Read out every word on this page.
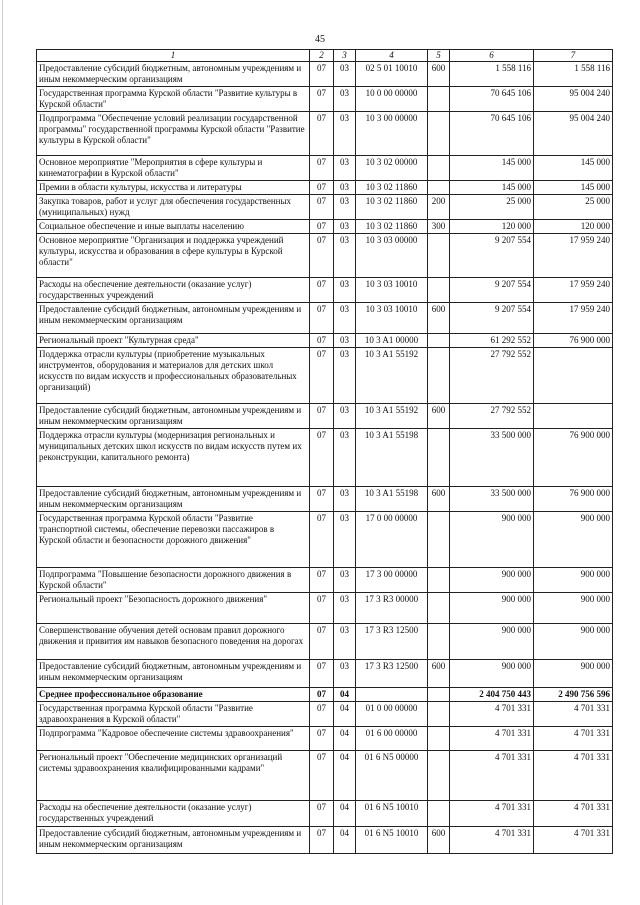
45
1	2	3	4	5	6	7
Предоставление субсидий бюджетным, автономным учреждениям и иным некоммерческим организациям	07	03	02 5 01 10010	600	1 558 116	1 558 116
Государственная программа Курской области "Развитие культуры в Курской области"	07	03	10 0 00 00000		70 645 106	95 004 240
Подпрограмма "Обеспечение условий реализации государственной программы" государственной программы Курской области "Развитие культуры в Курской области"	07	03	10 3 00 00000		70 645 106	95 004 240
Основное мероприятие "Мероприятия в сфере культуры и кинематографии в Курской области"	07	03	10 3 02 00000		145 000	145 000
Премии в области культуры, искусства и литературы	07	03	10 3 02 11860		145 000	145 000
Закупка товаров, работ и услуг для обеспечения государственных (муниципальных) нужд	07	03	10 3 02 11860	200	25 000	25 000
Социальное обеспечение и иные выплаты населению	07	03	10 3 02 11860	300	120 000	120 000
Основное мероприятие "Организация и поддержка учреждений культуры, искусства и образования в сфере культуры в Курской области"	07	03	10 3 03 00000		9 207 554	17 959 240
Расходы на обеспечение деятельности (оказание услуг) государственных учреждений	07	03	10 3 03 10010		9 207 554	17 959 240
Предоставление субсидий бюджетным, автономным учреждениям и иным некоммерческим организациям	07	03	10 3 03 10010	600	9 207 554	17 959 240
Региональный проект "Культурная среда"	07	03	10 3 A1 00000		61 292 552	76 900 000
Поддержка отрасли культуры (приобретение музыкальных инструментов, оборудования и материалов для детских школ искусств по видам искусств и профессиональных образовательных организаций)	07	03	10 3 A1 55192		27 792 552	
Предоставление субсидий бюджетным, автономным учреждениям и иным некоммерческим организациям	07	03	10 3 A1 55192	600	27 792 552	
Поддержка отрасли культуры (модернизация региональных и муниципальных детских школ искусств по видам искусств путем их реконструкции, капитального ремонта)	07	03	10 3 A1 55198		33 500 000	76 900 000
Предоставление субсидий бюджетным, автономным учреждениям и иным некоммерческим организациям	07	03	10 3 A1 55198	600	33 500 000	76 900 000
Государственная программа Курской области "Развитие транспортной системы, обеспечение перевозки пассажиров в Курской области и безопасности дорожного движения"	07	03	17 0 00 00000		900 000	900 000
Подпрограмма "Повышение безопасности дорожного движения в Курской области"	07	03	17 3 00 00000		900 000	900 000
Региональный проект "Безопасность дорожного движения"	07	03	17 3 R3 00000		900 000	900 000
Совершенствование обучения детей основам правил дорожного движения и привития им навыков безопасного поведения на дорогах	07	03	17 3 R3 12500		900 000	900 000
Предоставление субсидий бюджетным, автономным учреждениям и иным некоммерческим организациям	07	03	17 3 R3 12500	600	900 000	900 000
Среднее профессиональное образование	07	04			2 404 750 443	2 490 756 596
Государственная программа Курской области "Развитие здравоохранения в Курской области"	07	04	01 0 00 00000		4 701 331	4 701 331
Подпрограмма "Кадровое обеспечение системы здравоохранения"	07	04	01 6 00 00000		4 701 331	4 701 331
Региональный проект "Обеспечение медицинских организаций системы здравоохранения квалифицированными кадрами"	07	04	01 6 N5 00000		4 701 331	4 701 331
Расходы на обеспечение деятельности (оказание услуг) государственных учреждений	07	04	01 6 N5 10010		4 701 331	4 701 331
Предоставление субсидий бюджетным, автономным учреждениям и иным некоммерческим организациям	07	04	01 6 N5 10010	600	4 701 331	4 701 331
